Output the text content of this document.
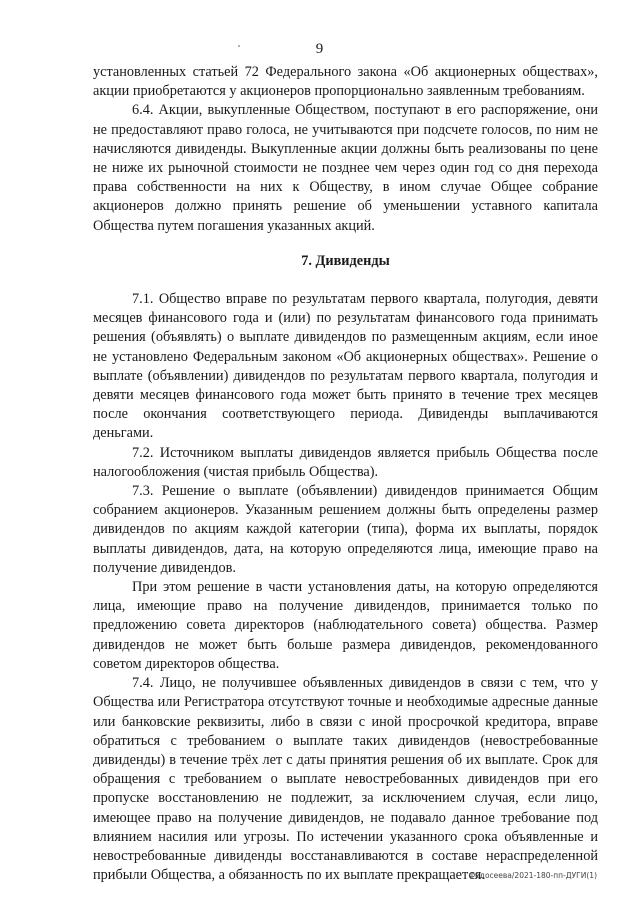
9

установленных статьей 72 Федерального закона «Об акционерных обществах», акции приобретаются у акционеров пропорционально заявленным требованиям.

6.4. Акции, выкупленные Обществом, поступают в его распоряжение, они не предоставляют право голоса, не учитываются при подсчете голосов, по ним не начисляются дивиденды. Выкупленные акции должны быть реализованы по цене не ниже их рыночной стоимости не позднее чем через один год со дня перехода права собственности на них к Обществу, в ином случае Общее собрание акционеров должно принять решение об уменьшении уставного капитала Общества путем погашения указанных акций.

7. Дивиденды

7.1. Общество вправе по результатам первого квартала, полугодия, девяти месяцев финансового года и (или) по результатам финансового года принимать решения (объявлять) о выплате дивидендов по размещенным акциям, если иное не установлено Федеральным законом «Об акционерных обществах». Решение о выплате (объявлении) дивидендов по результатам первого квартала, полугодия и девяти месяцев финансового года может быть принято в течение трех месяцев после окончания соответствующего периода. Дивиденды выплачиваются деньгами.

7.2. Источником выплаты дивидендов является прибыль Общества после налогообложения (чистая прибыль Общества).

7.3. Решение о выплате (объявлении) дивидендов принимается Общим собранием акционеров. Указанным решением должны быть определены размер дивидендов по акциям каждой категории (типа), форма их выплаты, порядок выплаты дивидендов, дата, на которую определяются лица, имеющие право на получение дивидендов.

При этом решение в части установления даты, на которую определяются лица, имеющие право на получение дивидендов, принимается только по предложению совета директоров (наблюдательного совета) общества. Размер дивидендов не может быть больше размера дивидендов, рекомендованного советом директоров общества.

7.4. Лицо, не получившее объявленных дивидендов в связи с тем, что у Общества или Регистратора отсутствуют точные и необходимые адресные данные или банковские реквизиты, либо в связи с иной просрочкой кредитора, вправе обратиться с требованием о выплате таких дивидендов (невостребованные дивиденды) в течение трёх лет с даты принятия решения об их выплате. Срок для обращения с требованием о выплате невостребованных дивидендов при его пропуске восстановлению не подлежит, за исключением случая, если лицо, имеющее право на получение дивидендов, не подавало данное требование под влиянием насилия или угрозы. По истечении указанного срока объявленные и невостребованные дивиденды восстанавливаются в составе нераспределенной прибыли Общества, а обязанность по их выплате прекращается.

Федосеева/2021-180-пп-ДУГИ(1)
